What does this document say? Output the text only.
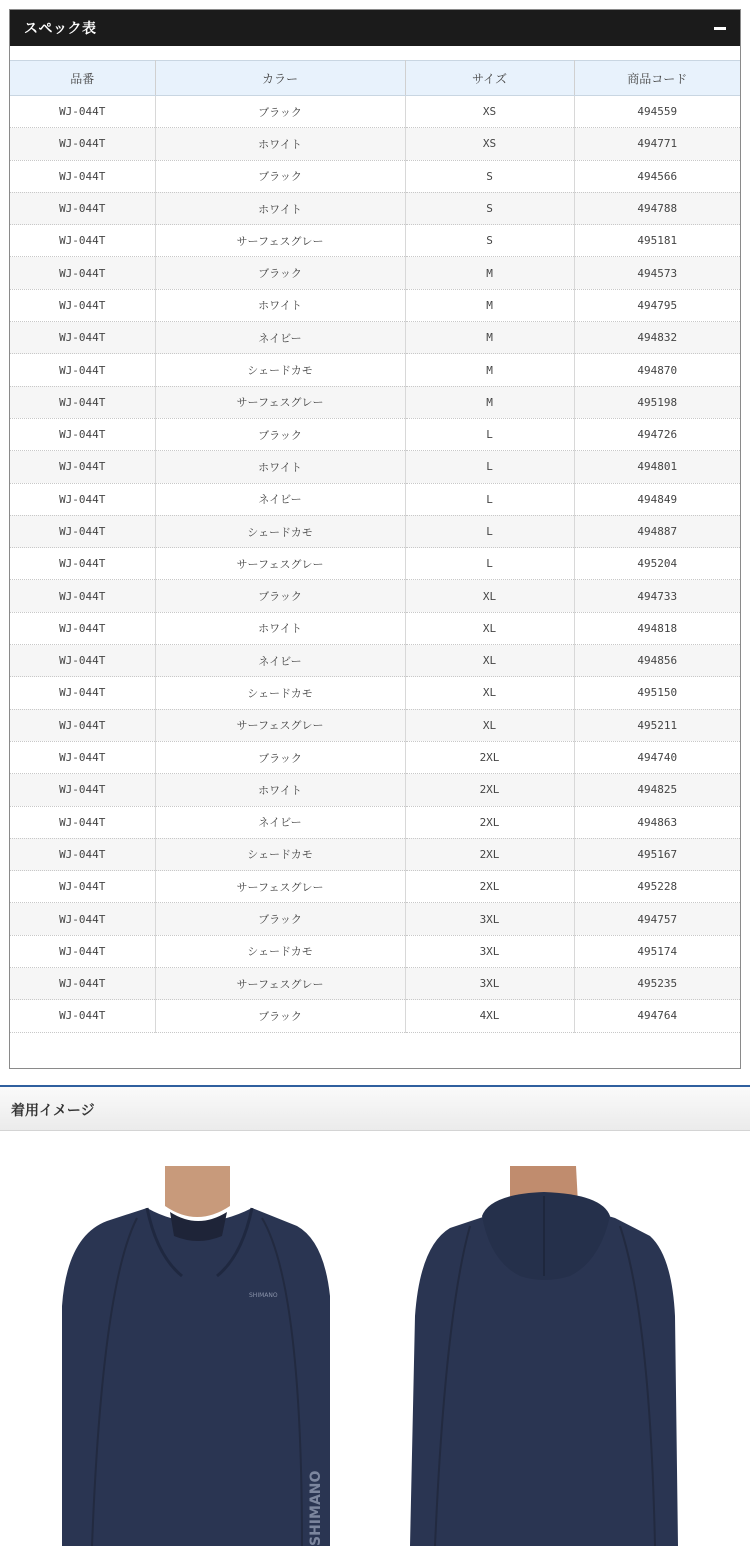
スペック表
品番	カラー	サイズ	商品コード
WJ-044T	ブラック	XS	494559
WJ-044T	ホワイト	XS	494771
WJ-044T	ブラック	S	494566
WJ-044T	ホワイト	S	494788
WJ-044T	サーフェスグレー	S	495181
WJ-044T	ブラック	M	494573
WJ-044T	ホワイト	M	494795
WJ-044T	ネイビー	M	494832
WJ-044T	シェードカモ	M	494870
WJ-044T	サーフェスグレー	M	495198
WJ-044T	ブラック	L	494726
WJ-044T	ホワイト	L	494801
WJ-044T	ネイビー	L	494849
WJ-044T	シェードカモ	L	494887
WJ-044T	サーフェスグレー	L	495204
WJ-044T	ブラック	XL	494733
WJ-044T	ホワイト	XL	494818
WJ-044T	ネイビー	XL	494856
WJ-044T	シェードカモ	XL	495150
WJ-044T	サーフェスグレー	XL	495211
WJ-044T	ブラック	2XL	494740
WJ-044T	ホワイト	2XL	494825
WJ-044T	ネイビー	2XL	494863
WJ-044T	シェードカモ	2XL	495167
WJ-044T	サーフェスグレー	2XL	495228
WJ-044T	ブラック	3XL	494757
WJ-044T	シェードカモ	3XL	495174
WJ-044T	サーフェスグレー	3XL	495235
WJ-044T	ブラック	4XL	494764
着用イメージ
SHIMANO
SHIMANO
